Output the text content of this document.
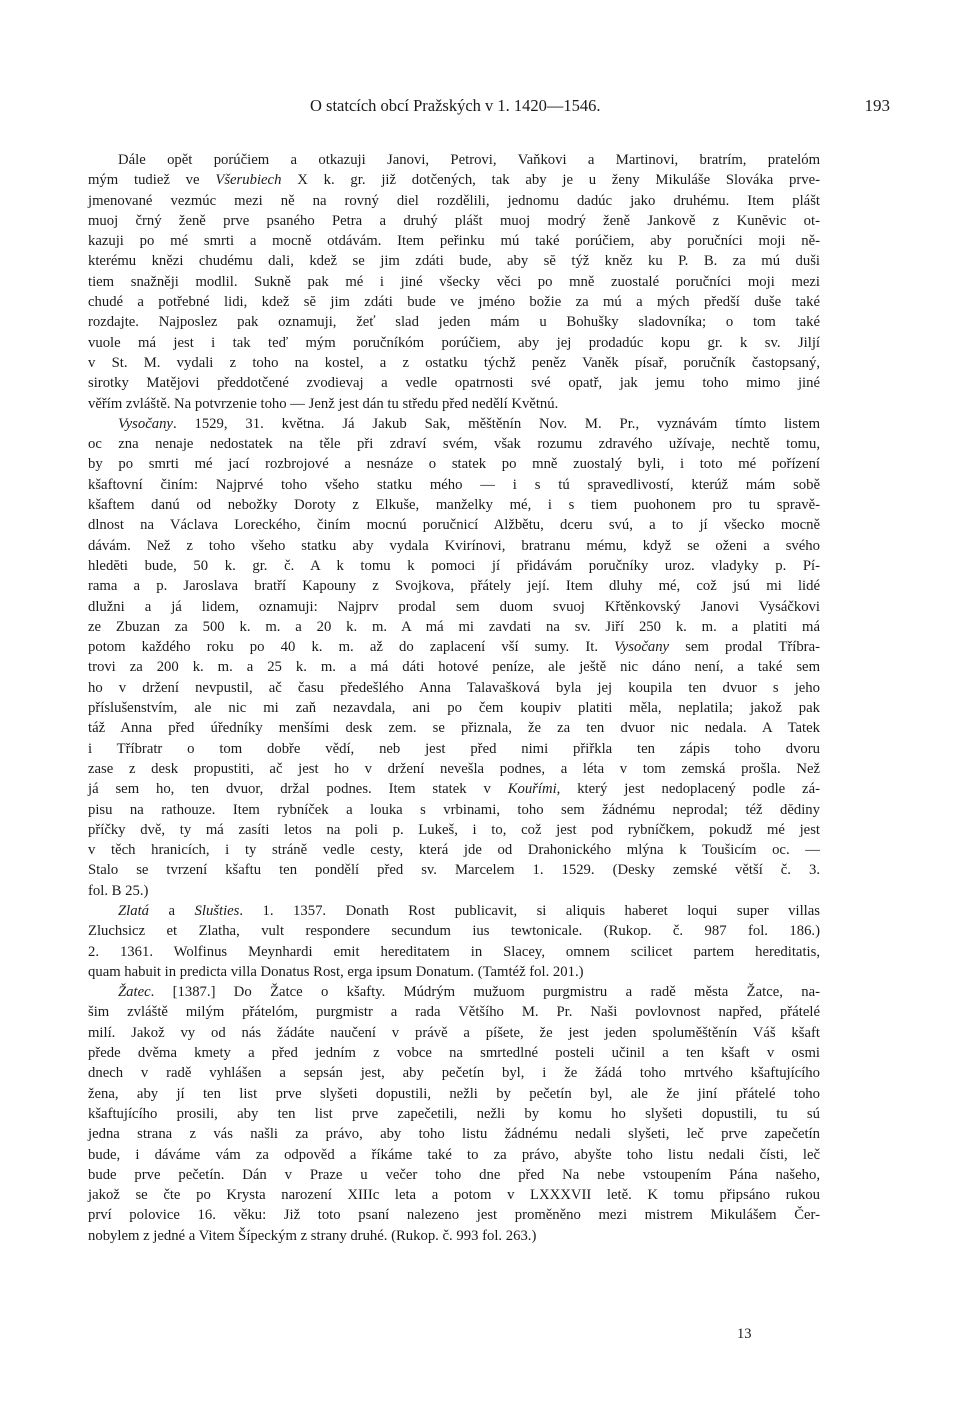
O statcích obcí Pražských v 1. 1420—1546.	193
Dále opět porúčiem a otkazuji Janovi, Petrovi, Vaňkovi a Martinovi, bratrím, pratelóm
mým tudiež ve Všerubiech X k. gr. již dotčených, tak aby je u ženy Mikuláše Slováka prve-
jmenované vezmúc mezi ně na rovný diel rozdělili, jednomu dadúc jako druhému. Item plášt
muoj črný ženě prve psaného Petra a druhý plášt muoj modrý ženě Jankově z Kunĕvic ot-
kazuji po mé smrti a mocně otdávám. Item peřinku mú také porúčiem, aby poručníci moji ně-
kterému knězi chudému dali, kdež se jim zdáti bude, aby sĕ týž kněz ku P. B. za mú duši
tiem snažněji modlil. Sukně pak mé i jiné všecky věci po mně zuostalé poručníci moji mezi
chudé a potřebné lidi, kdež sĕ jim zdáti bude ve jménо božie za mú a mých předší duše také
rozdajte. Najposlez pak oznamuji, žeť slad jeden mám u Bohušky sladovníka; o tom také
vuole má jest i tak teď mým poručníkóm porúčiem, aby jej prodadúc kopu gr. k sv. Jiljí
v St. M. vydali z toho na kostel, a z ostatku týchž peněz Vaněk písař, poručník častopsaný,
sirotky Matějovi předdotčené zvodievaj a vedle opatrnosti své opatř, jak jemu toho mimo jiné
věřím zvláště. Na potvrzenie toho — Jenž jest dán tu středu před nedělí Květnú.
Vysočany. 1529, 31. května. Já Jakub Sak, měštěnín Nov. M. Pr., vyznávám tímto listem
oc zna nenaje nedostatek na těle při zdraví svém, však rozumu zdravého užívaje, nechtě tomu,
by po smrti mé jací rozbrojové a nesnáze o statek po mně zuostalý byli, i toto mé pořízení
kšaftovní činím: Najprvé toho všeho statku mého — i s tú spravedlivostí, kterúž mám sobě
kšaftem danú od nebožky Doroty z Elkuše, manželky mé, i s tiem puohonem pro tu spravě-
dlnost na Václava Loreckého, činím mocnú poručnicí Alžbětu, dceru svú, a to jí všecko mocně
dávám. Než z toho všeho statku aby vydala Kvirínovi, bratranu mému, když se oženi a svého
hledĕti bude, 50 k. gr. č. A k tomu k pomoci jí přidávám poručníky uroz. vladyky p. Pí-
rama a p. Jaroslava bratří Kapouny z Svojkova, přátely její. Item dluhy mé, což jsú mi lidé
dlužni a já lidem, oznamuji: Najprv prodal sem duom svuoj Křtěnkovský Janovi Vysáčkovi
ze Zbuzan za 500 k. m. a 20 k. m. A má mi zavdati na sv. Jiří 250 k. m. a platiti má
potom každého roku po 40 k. m. až do zaplacení vší sumy. It. Vysočany sem prodal Tříbra-
trovi za 200 k. m. a 25 k. m. a má dáti hotové peníze, ale ještě nic dáno není, a také sem
ho v držení nevpustil, ač času předešlého Anna Talavašková byla jej koupila ten dvuor s jeho
příslušenstvím, ale nic mi zaň nezavdala, ani po čem koupiv platiti měla, neplatila; jakož pak
táž Anna před úředníky menšími desk zem. se přiznala, že za ten dvuor nic nedala. A Tatek
i Tříbratr o tom dobře vědí, neb jest před nimi přiřkla ten zápis toho dvoru
zase z desk propustiti, ač jest ho v držení nevešla podnes, a léta v tom zemská prošla. Než
já sem ho, ten dvuor, držal podnes. Item statek v Kouřími, který jest nedoplacený podle zá-
pisu na rathouze. Item rybníček a louka s vrbinami, toho sem žádnému neprodal; též dĕdiny
příčky dvě, ty má zasíti letos na poli p. Lukeš, i to, což jest pod rybníčkem, pokudž mé jest
v těch hranicích, i ty stráně vedle cesty, která jde od Drahonického mlýna k Toušicím oc. —
Stalo se tvrzení kšaftu ten pondělí před sv. Marcelem 1. 1529. (Desky zemské větší č. 3.
fol. B 25.)
Zlatá a Slušties. 1. 1357. Donath Rost publicavit, si aliquis haberet loqui super villas
Zluchsicz et Zlatha, vult respondere secundum ius tewtonicale. (Rukop. č. 987 fol. 186.)
2. 1361. Wolfinus Meynhardi emit hereditatem in Slacey, omnem scilicet partem hereditatis,
quam habuit in predicta villa Donatus Rost, erga ipsum Donatum. (Tamtéž fol. 201.)
Žatec. [1387.] Do Žatce o kšafty. Múdrým mužuom purgmistru a radě města Žatce, na-
šim zvláště milým přátelóm, purgmistr a rada Většího M. Pr. Naši povlovnost napřed, přátelé
milí. Jakož vy od nás žádáte naučení v právě a píšete, že jest jeden spoluměštěnín Váš kšaft
přede dvěma kmety a před jedním z vobce na smrtedlné posteli učinil a ten kšaft v osmi
dnech v radě vyhlášen a sepsán jest, aby pečetín byl, i že žádá toho mrtvého kšaftujícího
žena, aby jí ten list prve slyšeti dopustili, nežli by pečetín byl, ale že jiní přátelé toho
kšaftujícího prosili, aby ten list prve zapečetili, nežli by komu ho slyšeti dopustili, tu sú
jedna strana z vás našli za právo, aby toho listu žádnému nedali slyšeti, leč prve zapečetín
bude, i dáváme vám za odpověd a říkáme také to za právo, abyšte toho listu nedali čísti, leč
bude prve pečetín. Dán v Praze u večer toho dne před Na nebe vstoupením Pána našeho,
jakož se čte po Krysta narození XIIIc leta a potom v LXXXVII letě. K tomu připsáno rukou
prví polovice 16. věku: Již toto psaní nalezeno jest proměněno mezi mistrem Mikulášem Čer-
nobylem z jedné a Vitem Šípeckým z strany druhé. (Rukop. č. 993 fol. 263.)
13
